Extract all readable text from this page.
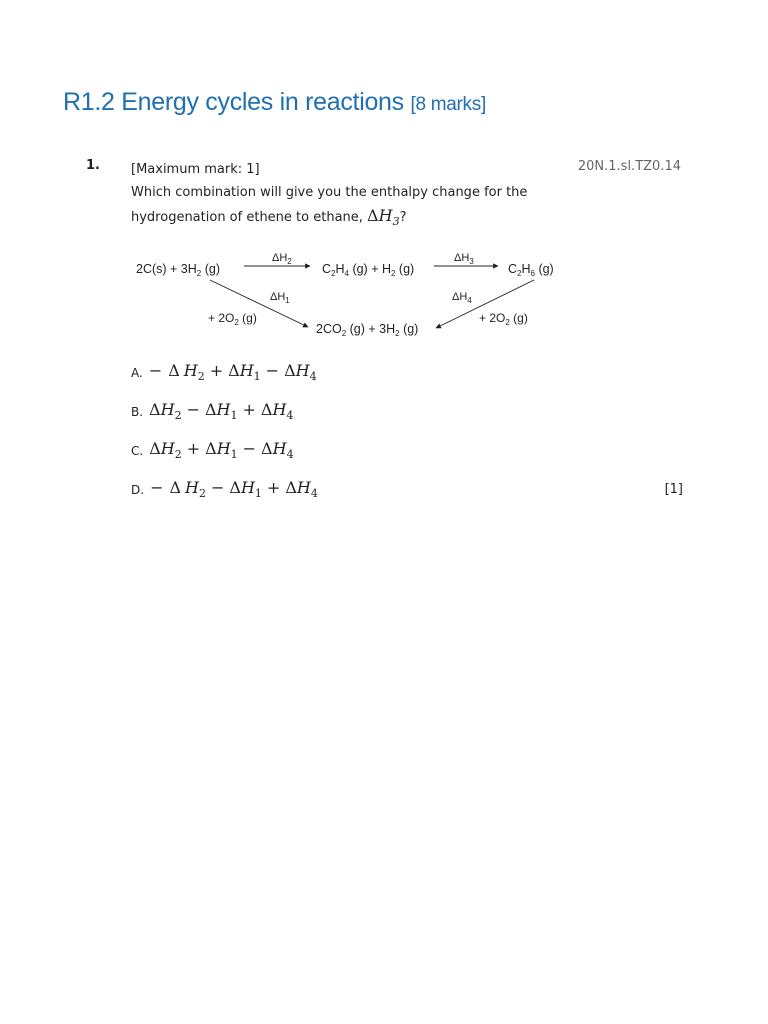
R1.2 Energy cycles in reactions [8 marks]
1.	20N.1.sl.TZ0.14

[Maximum mark: 1]

Which combination will give you the enthalpy change for the

hydrogenation of ethene to ethane, $\Delta H_3$?

$2C(s) + 3H_2$ (g)
$\Delta H_2$
$C_2H_4$ $(g) + H_2$ (g)
$\Delta H_3$
$C_2H_6$ (g)
$\Delta H_1$
+ $2O_2$ (g)
$2CO_2$ $(g) + 3H_2$ (g)
$\Delta H_4$
+ $2O_2$ (g)
A. − Δ $H_2 + \Delta H_1 - \Delta H_4$
B. $\Delta H_2 - \Delta H_1 + \Delta H_4$
C. $\Delta H_2 + \Delta H_1 - \Delta H_4$
D. − Δ $H_2 - \Delta H_1 + \Delta H_4$	[1]
